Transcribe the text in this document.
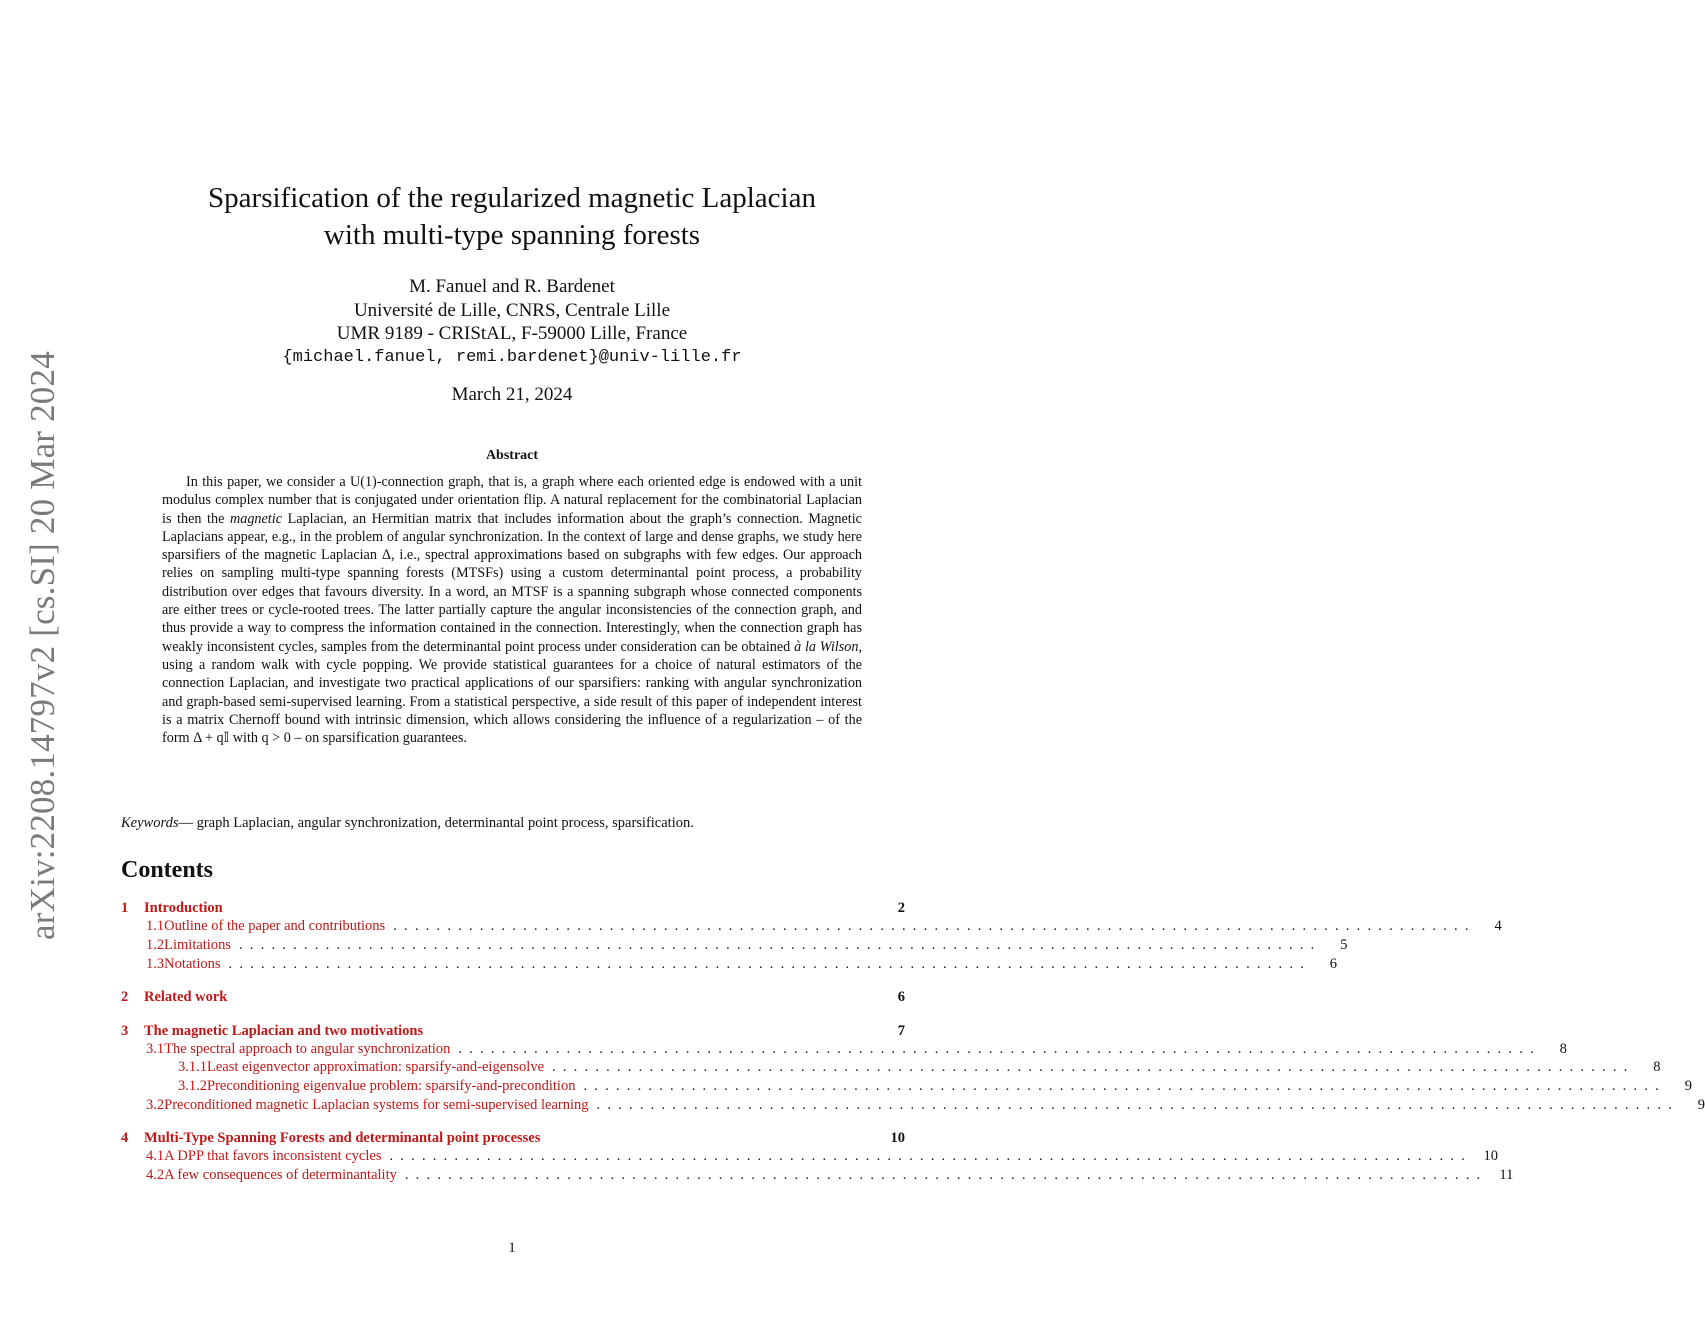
arXiv:2208.14797v2 [cs.SI] 20 Mar 2024
Sparsification of the regularized magnetic Laplacian
with multi-type spanning forests
M. Fanuel and R. Bardenet
Université de Lille, CNRS, Centrale Lille
UMR 9189 - CRIStAL, F-59000 Lille, France
{michael.fanuel, remi.bardenet}@univ-lille.fr
March 21, 2024
Abstract

In this paper, we consider a U(1)-connection graph, that is, a graph where each oriented edge is endowed with a unit modulus complex number that is conjugated under orientation flip. A natural replacement for the combinatorial Laplacian is then the magnetic Laplacian, an Hermitian matrix that includes information about the graph’s connection. Magnetic Laplacians appear, e.g., in the problem of angular synchronization. In the context of large and dense graphs, we study here sparsifiers of the magnetic Laplacian Δ, i.e., spectral approximations based on subgraphs with few edges. Our approach relies on sampling multi-type spanning forests (MTSFs) using a custom determinantal point process, a probability distribution over edges that favours diversity. In a word, an MTSF is a spanning subgraph whose connected components are either trees or cycle-rooted trees. The latter partially capture the angular inconsistencies of the connection graph, and thus provide a way to compress the information contained in the connection. Interestingly, when the connection graph has weakly inconsistent cycles, samples from the determinantal point process under consideration can be obtained à la Wilson, using a random walk with cycle popping. We provide statistical guarantees for a choice of natural estimators of the connection Laplacian, and investigate two practical applications of our sparsifiers: ranking with angular synchronization and graph-based semi-supervised learning. From a statistical perspective, a side result of this paper of independent interest is a matrix Chernoff bound with intrinsic dimension, which allows considering the influence of a regularization – of the form Δ + q𝕀 with q > 0 – on sparsification guarantees.

Keywords— graph Laplacian, angular synchronization, determinantal point process, sparsification.
Contents
1	Introduction	2
1.1 Outline of the paper and contributions ....................................................................................................	4
1.2 Limitations ....................................................................................................	5
1.3 Notations ....................................................................................................	6
2	Related work	6
3	The magnetic Laplacian and two motivations	7
3.1 The spectral approach to angular synchronization ....................................................................................................	8
3.1.1 Least eigenvector approximation: sparsify-and-eigensolve ....................................................................................................	8
3.1.2 Preconditioning eigenvalue problem: sparsify-and-precondition ....................................................................................................	9
3.2 Preconditioned magnetic Laplacian systems for semi-supervised learning ....................................................................................................	9
4	Multi-Type Spanning Forests and determinantal point processes	10
4.1 A DPP that favors inconsistent cycles .................................................................................................... 10
4.2 A few consequences of determinantality .................................................................................................... 11
1
